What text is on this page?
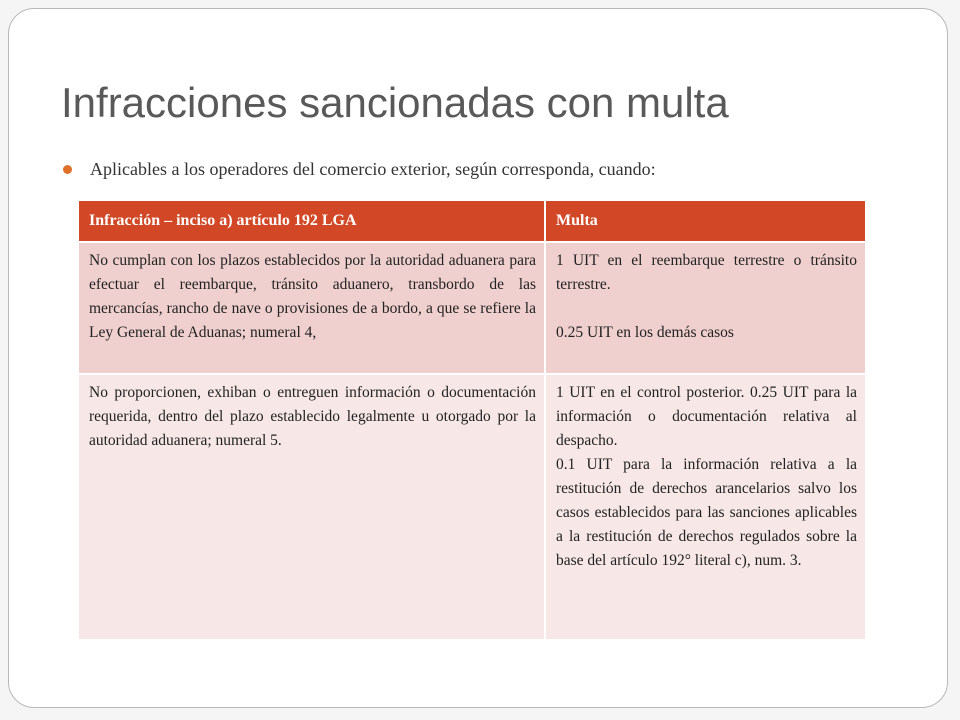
Infracciones sancionadas con multa
Aplicables a los operadores del comercio exterior, según corresponda, cuando:
Infracción – inciso a) artículo 192 LGA	Multa

No cumplan con los plazos establecidos por la autoridad aduanera para efectuar el reembarque, tránsito aduanero, transbordo de las mercancías, rancho de nave o provisiones de a bordo, a que se refiere la Ley General de Aduanas; numeral 4,	1 UIT en el reembarque terrestre o tránsito terrestre.

0.25 UIT en los demás casos

No proporcionen, exhiban o entreguen información o documentación requerida, dentro del plazo establecido legalmente u otorgado por la autoridad aduanera; numeral 5.	1 UIT en el control posterior. 0.25 UIT para la información o documentación relativa al despacho.

0.1 UIT para la información relativa a la restitución de derechos arancelarios salvo los casos establecidos para las sanciones aplicables a la restitución de derechos regulados sobre la base del artículo 192° literal c), num. 3.
